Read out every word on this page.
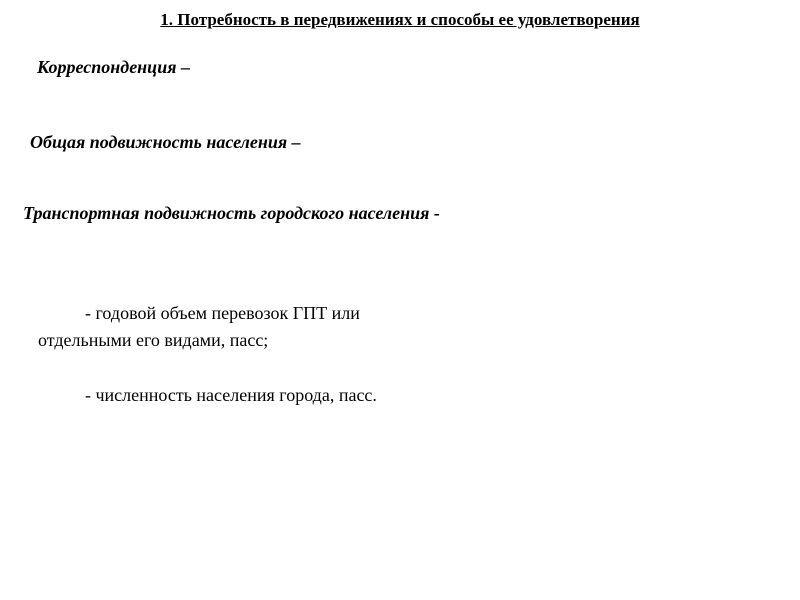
1. Потребность в передвижениях и способы ее удовлетворения
Корреспонденция –
Общая подвижность населения –
Транспортная подвижность городского населения -
- годовой объем перевозок ГПТ или
отдельными его видами, пасс;
- численность населения города, пасс.
